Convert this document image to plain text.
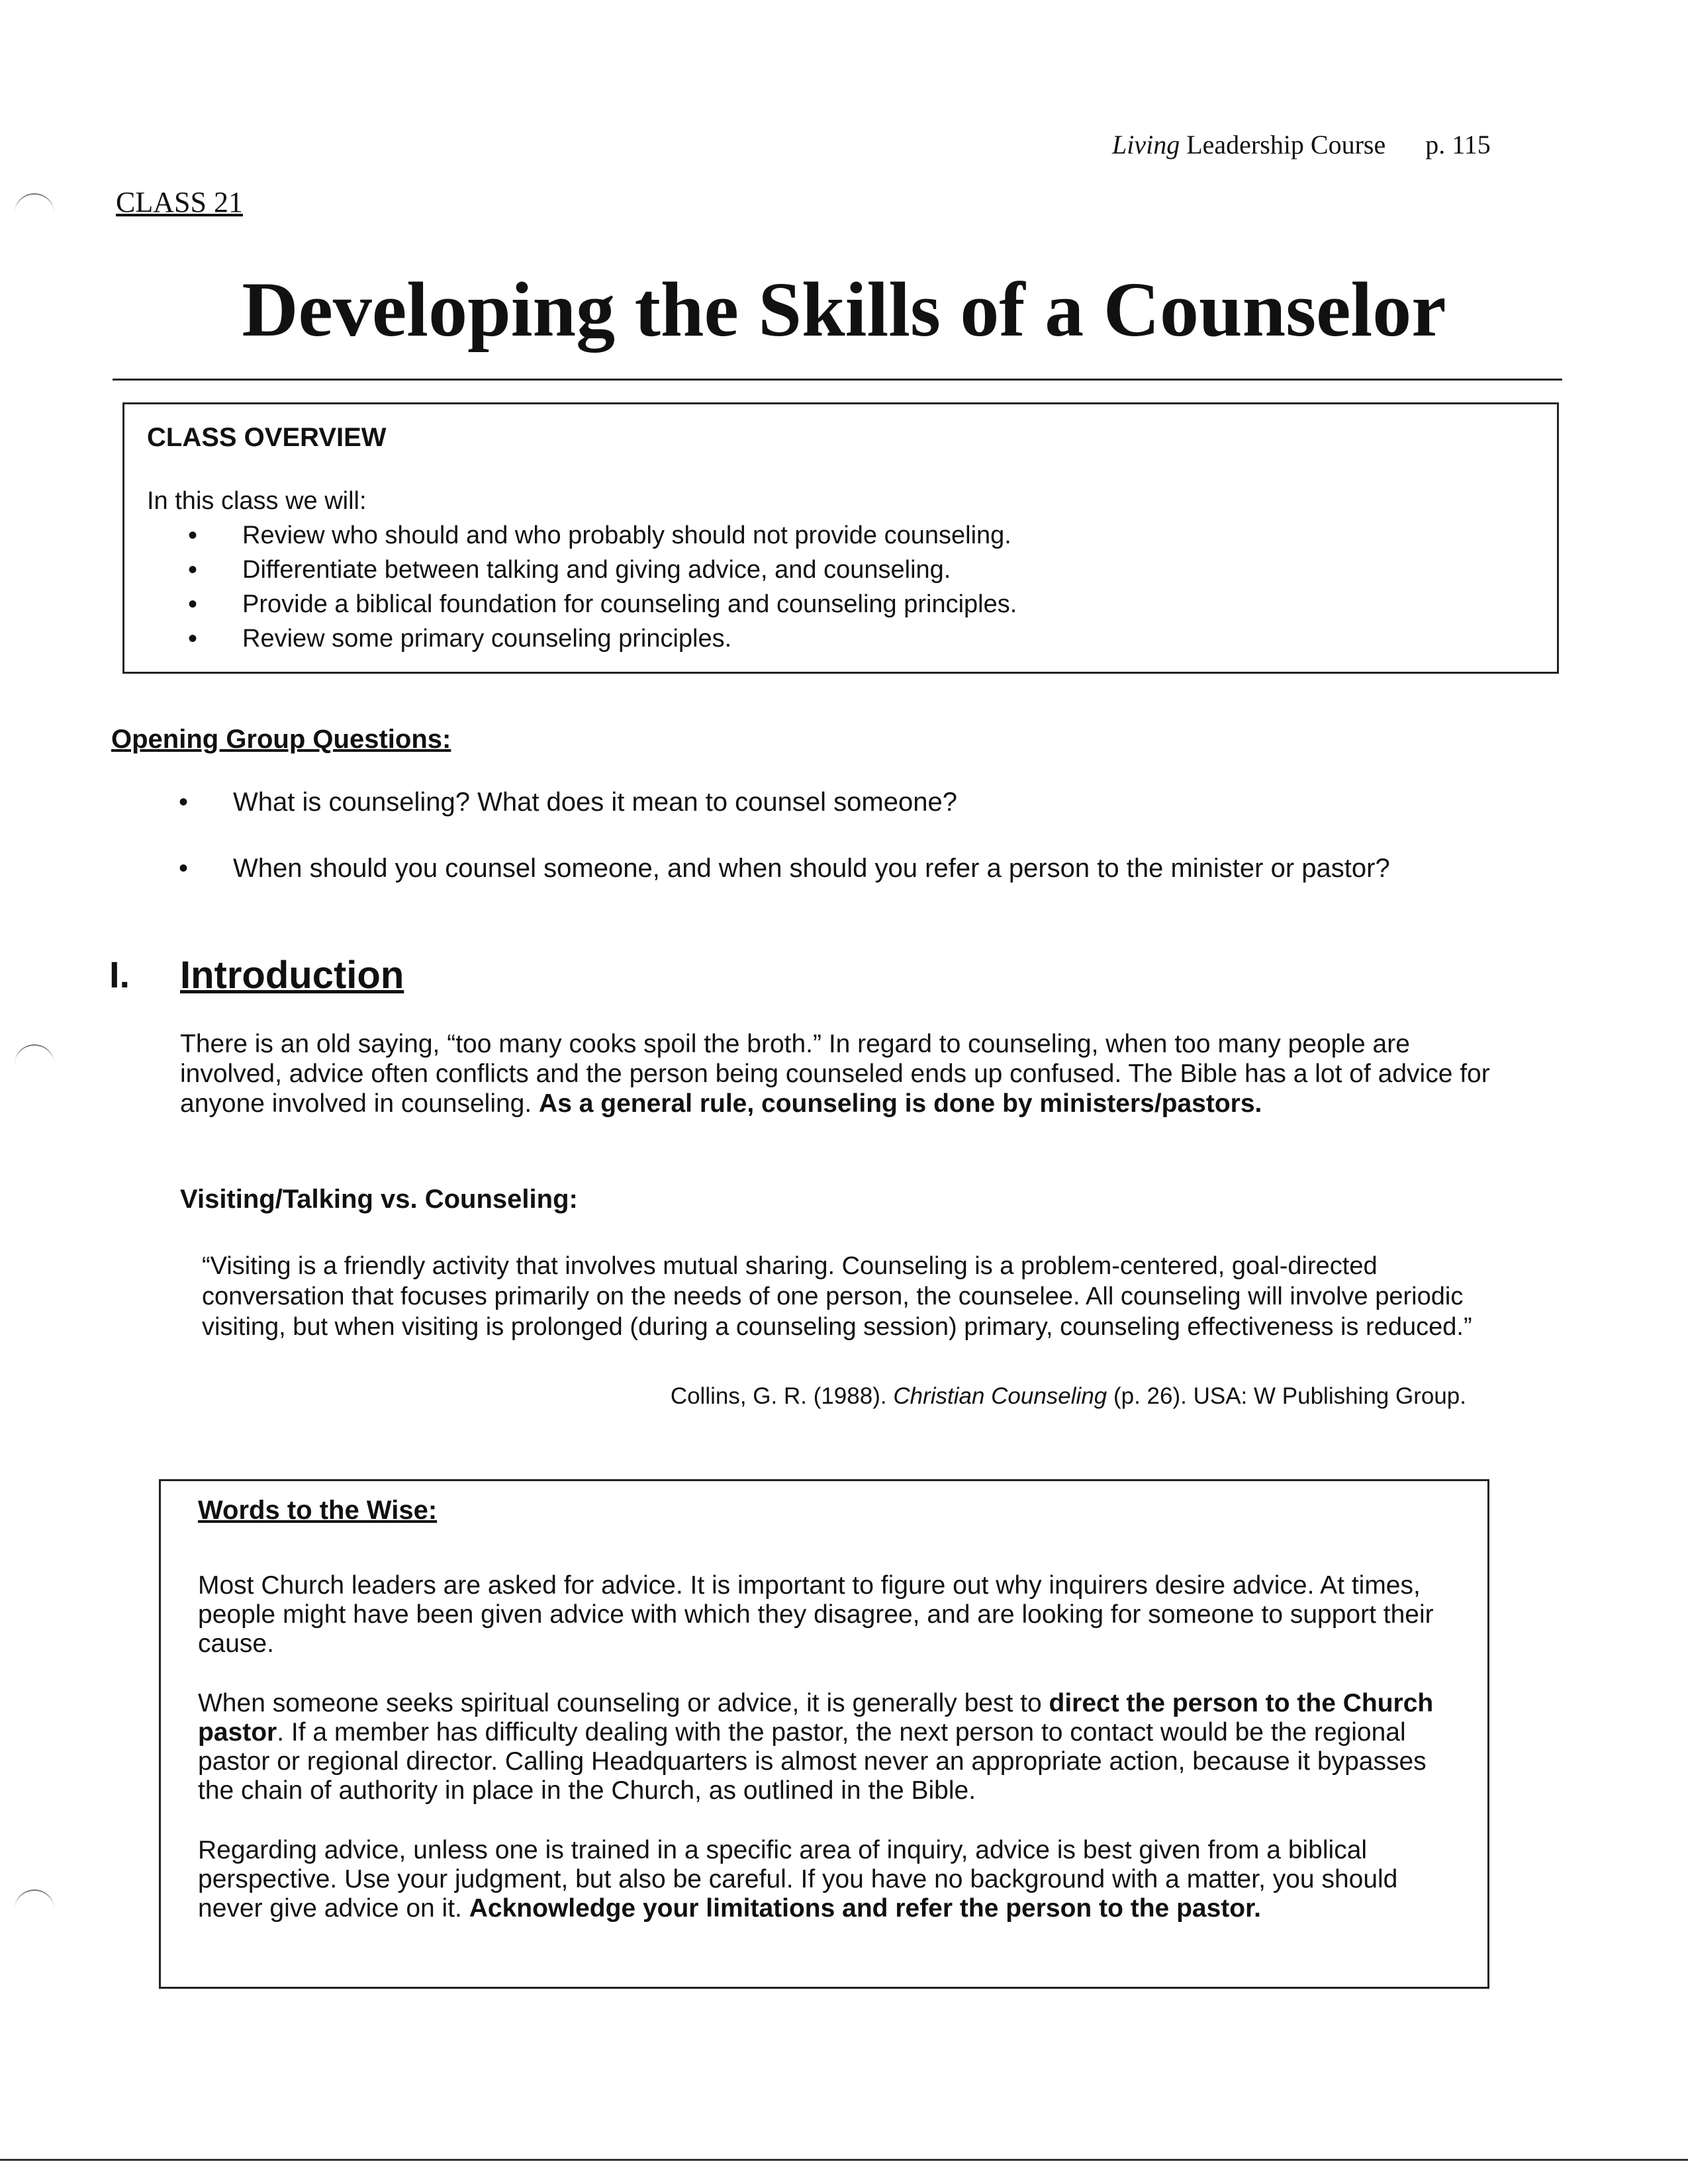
Living Leadership Course p. 115
CLASS 21
Developing the Skills of a Counselor
CLASS OVERVIEW
In this class we will:
• Review who should and who probably should not provide counseling.
• Differentiate between talking and giving advice, and counseling.
• Provide a biblical foundation for counseling and counseling principles.
• Review some primary counseling principles.
Opening Group Questions:
• What is counseling? What does it mean to counsel someone?
• When should you counsel someone, and when should you refer a person to the minister or pastor?
I. Introduction
There is an old saying, “too many cooks spoil the broth.” In regard to counseling, when too many people are involved, advice often conflicts and the person being counseled ends up confused. The Bible has a lot of advice for anyone involved in counseling. As a general rule, counseling is done by ministers/pastors.
Visiting/Talking vs. Counseling:
“Visiting is a friendly activity that involves mutual sharing. Counseling is a problem-centered, goal-directed conversation that focuses primarily on the needs of one person, the counselee. All counseling will involve periodic visiting, but when visiting is prolonged (during a counseling session) primary, counseling effectiveness is reduced.”
Collins, G. R. (1988). Christian Counseling (p. 26). USA: W Publishing Group.
Words to the Wise:

Most Church leaders are asked for advice. It is important to figure out why inquirers desire advice. At times, people might have been given advice with which they disagree, and are looking for someone to support their cause.

When someone seeks spiritual counseling or advice, it is generally best to direct the person to the Church pastor. If a member has difficulty dealing with the pastor, the next person to contact would be the regional pastor or regional director. Calling Headquarters is almost never an appropriate action, because it bypasses the chain of authority in place in the Church, as outlined in the Bible.

Regarding advice, unless one is trained in a specific area of inquiry, advice is best given from a biblical perspective. Use your judgment, but also be careful. If you have no background with a matter, you should never give advice on it. Acknowledge your limitations and refer the person to the pastor.
